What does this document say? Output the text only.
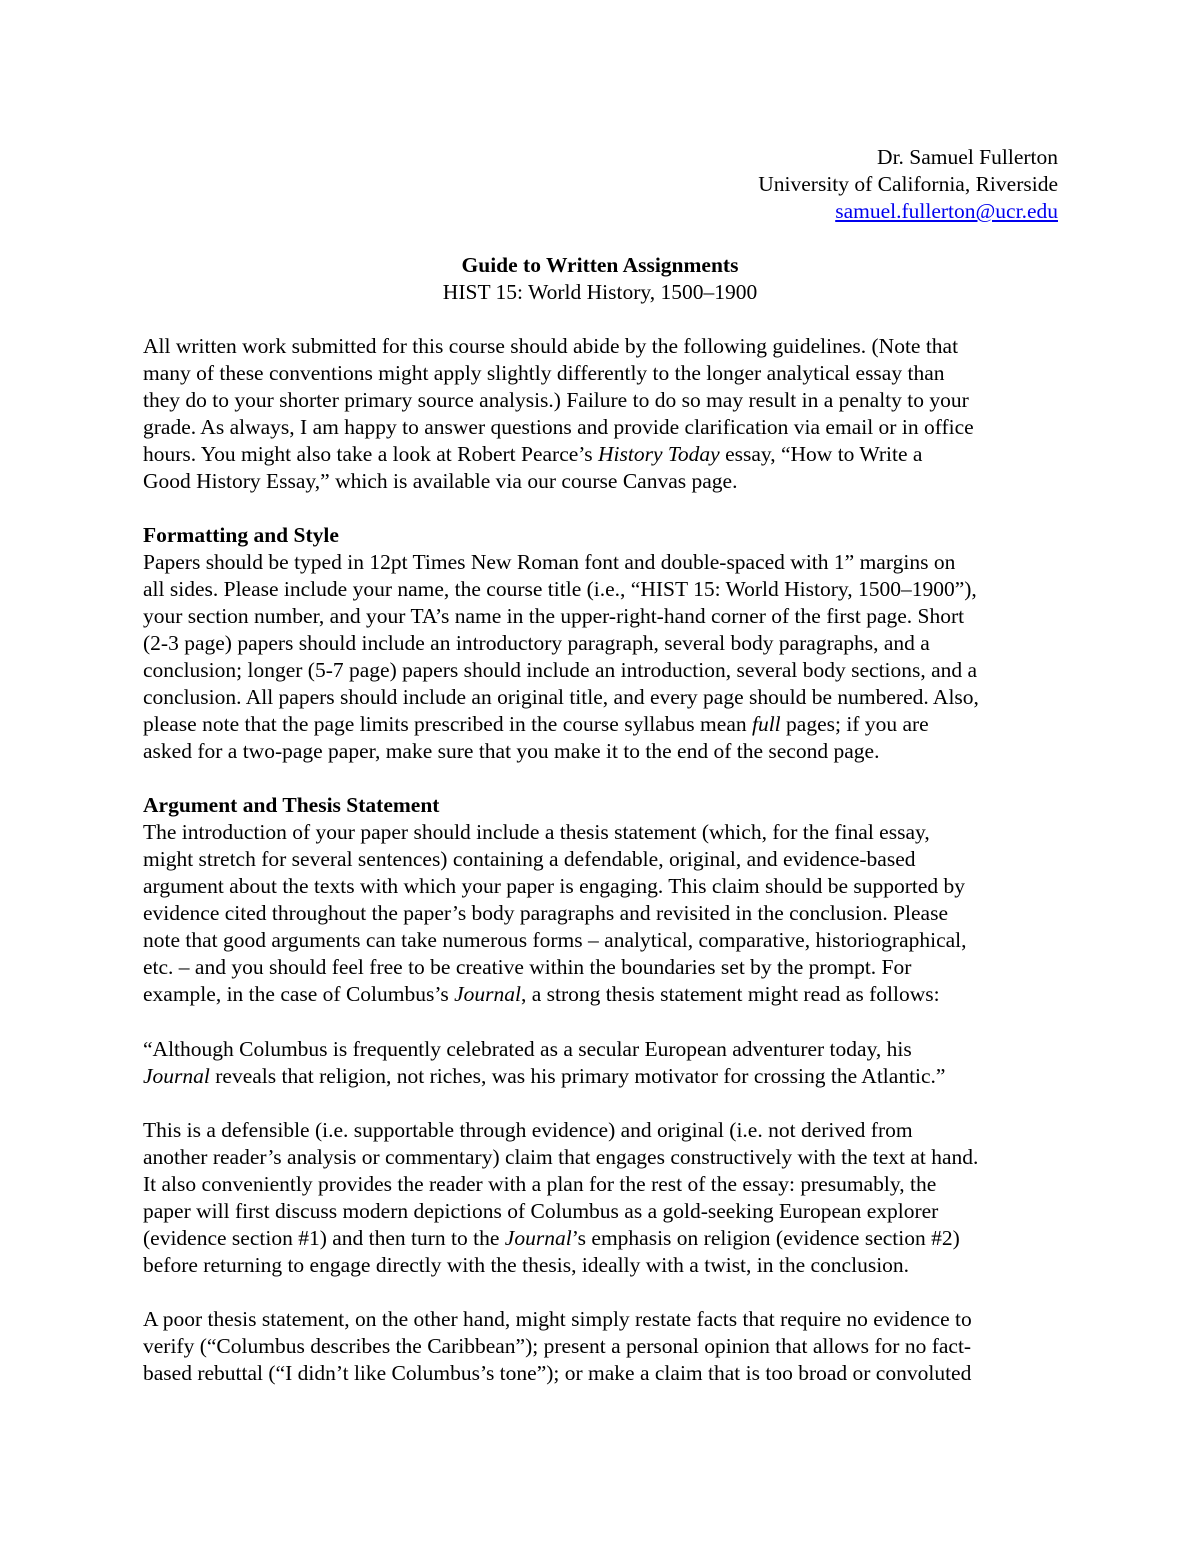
Dr. Samuel Fullerton
University of California, Riverside
samuel.fullerton@ucr.edu
Guide to Written Assignments
HIST 15: World History, 1500–1900
All written work submitted for this course should abide by the following guidelines. (Note that
many of these conventions might apply slightly differently to the longer analytical essay than
they do to your shorter primary source analysis.) Failure to do so may result in a penalty to your
grade. As always, I am happy to answer questions and provide clarification via email or in office
hours. You might also take a look at Robert Pearce’s History Today essay, “How to Write a
Good History Essay,” which is available via our course Canvas page.
Formatting and Style
Papers should be typed in 12pt Times New Roman font and double-spaced with 1” margins on
all sides. Please include your name, the course title (i.e., “HIST 15: World History, 1500–1900”),
your section number, and your TA’s name in the upper-right-hand corner of the first page. Short
(2-3 page) papers should include an introductory paragraph, several body paragraphs, and a
conclusion; longer (5-7 page) papers should include an introduction, several body sections, and a
conclusion. All papers should include an original title, and every page should be numbered. Also,
please note that the page limits prescribed in the course syllabus mean full pages; if you are
asked for a two-page paper, make sure that you make it to the end of the second page.
Argument and Thesis Statement
The introduction of your paper should include a thesis statement (which, for the final essay,
might stretch for several sentences) containing a defendable, original, and evidence-based
argument about the texts with which your paper is engaging. This claim should be supported by
evidence cited throughout the paper’s body paragraphs and revisited in the conclusion. Please
note that good arguments can take numerous forms – analytical, comparative, historiographical,
etc. – and you should feel free to be creative within the boundaries set by the prompt. For
example, in the case of Columbus’s Journal, a strong thesis statement might read as follows:
“Although Columbus is frequently celebrated as a secular European adventurer today, his
Journal reveals that religion, not riches, was his primary motivator for crossing the Atlantic.”
This is a defensible (i.e. supportable through evidence) and original (i.e. not derived from
another reader’s analysis or commentary) claim that engages constructively with the text at hand.
It also conveniently provides the reader with a plan for the rest of the essay: presumably, the
paper will first discuss modern depictions of Columbus as a gold-seeking European explorer
(evidence section #1) and then turn to the Journal’s emphasis on religion (evidence section #2)
before returning to engage directly with the thesis, ideally with a twist, in the conclusion.
A poor thesis statement, on the other hand, might simply restate facts that require no evidence to
verify (“Columbus describes the Caribbean”); present a personal opinion that allows for no fact-
based rebuttal (“I didn’t like Columbus’s tone”); or make a claim that is too broad or convoluted
